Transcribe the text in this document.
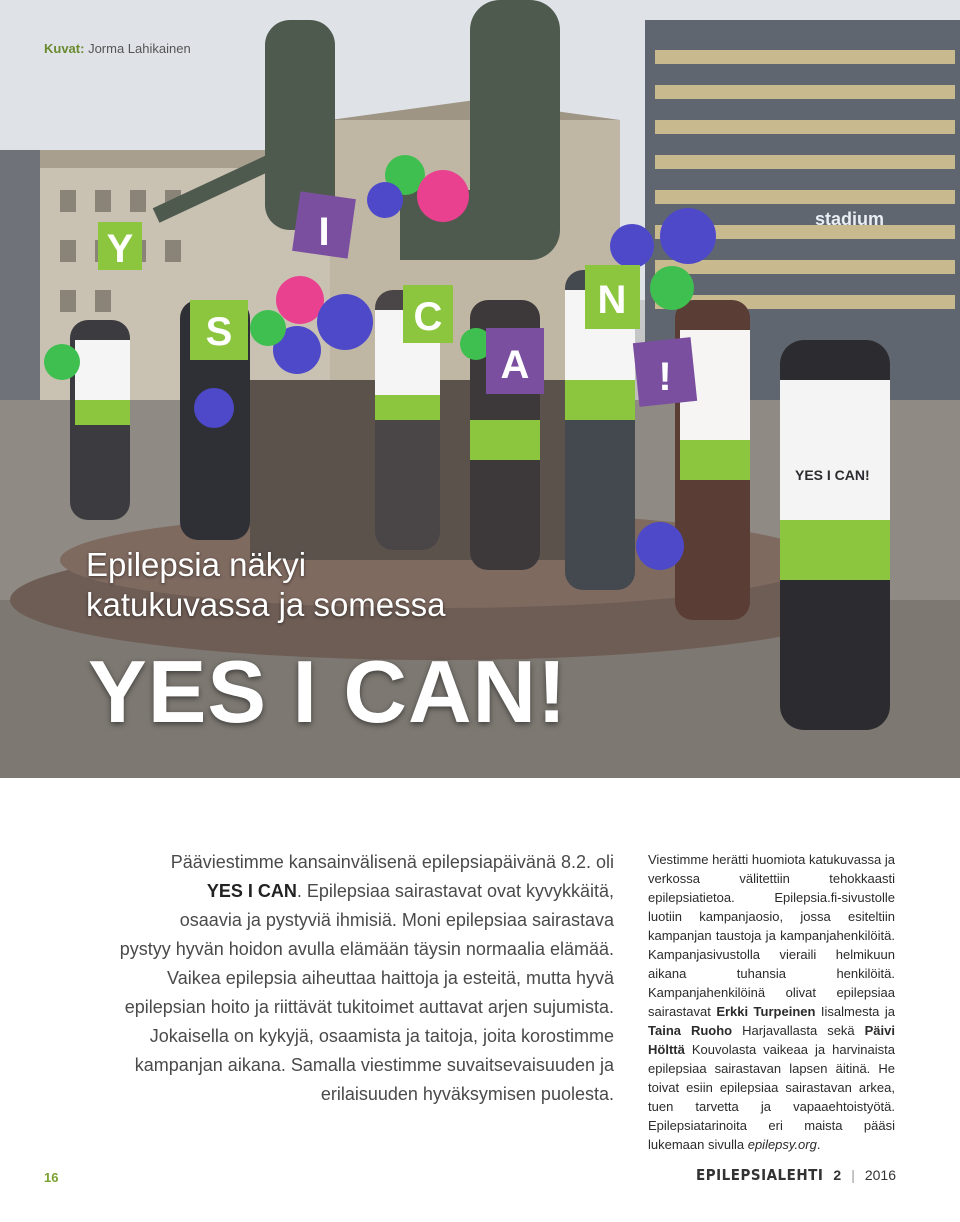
stadium
YES I CAN!
Y	I
S	C
A
N
!
Kuvat: Jorma Lahikainen
Epilepsia näkyi
katukuvassa ja somessa
YES I CAN!
Pääviestimme kansainvälisenä epilepsiapäivänä 8.2. oli
YES I CAN. Epilepsiaa sairastavat ovat kyvykkäitä,
osaavia ja pystyviä ihmisiä. Moni epilepsiaa sairastava
pystyy hyvän hoidon avulla elämään täysin normaalia elämää.
Vaikea epilepsia aiheuttaa haittoja ja esteitä, mutta hyvä
epilepsian hoito ja riittävät tukitoimet auttavat arjen sujumista.
Jokaisella on kykyjä, osaamista ja taitoja, joita korostimme
kampanjan aikana. Samalla viestimme suvaitsevaisuuden ja
erilaisuuden hyväksymisen puolesta.
Viestimme herätti huomiota katukuvassa ja verkossa välitettiin tehokkaasti epilepsiatietoa. Epilepsia.fi-sivustolle luotiin kampanjaosio, jossa esiteltiin kampanjan taustoja ja kampanjahenkilöitä. Kampanjasivustolla vieraili helmikuun aikana tuhansia henkilöitä. Kampanjahenkilöinä olivat epilepsiaa sairastavat Erkki Turpeinen Iisalmesta ja Taina Ruoho Harjavallasta sekä Päivi Hölttä Kouvolasta vaikeaa ja harvinaista epilepsiaa sairastavan lapsen äitinä. He toivat esiin epilepsiaa sairastavan arkea, tuen tarvetta ja vapaaehtoistyötä. Epilepsiatarinoita eri maista pääsi lukemaan sivulla epilepsy.org.
16	EPILEPSIALEHTI 2 | 2016
